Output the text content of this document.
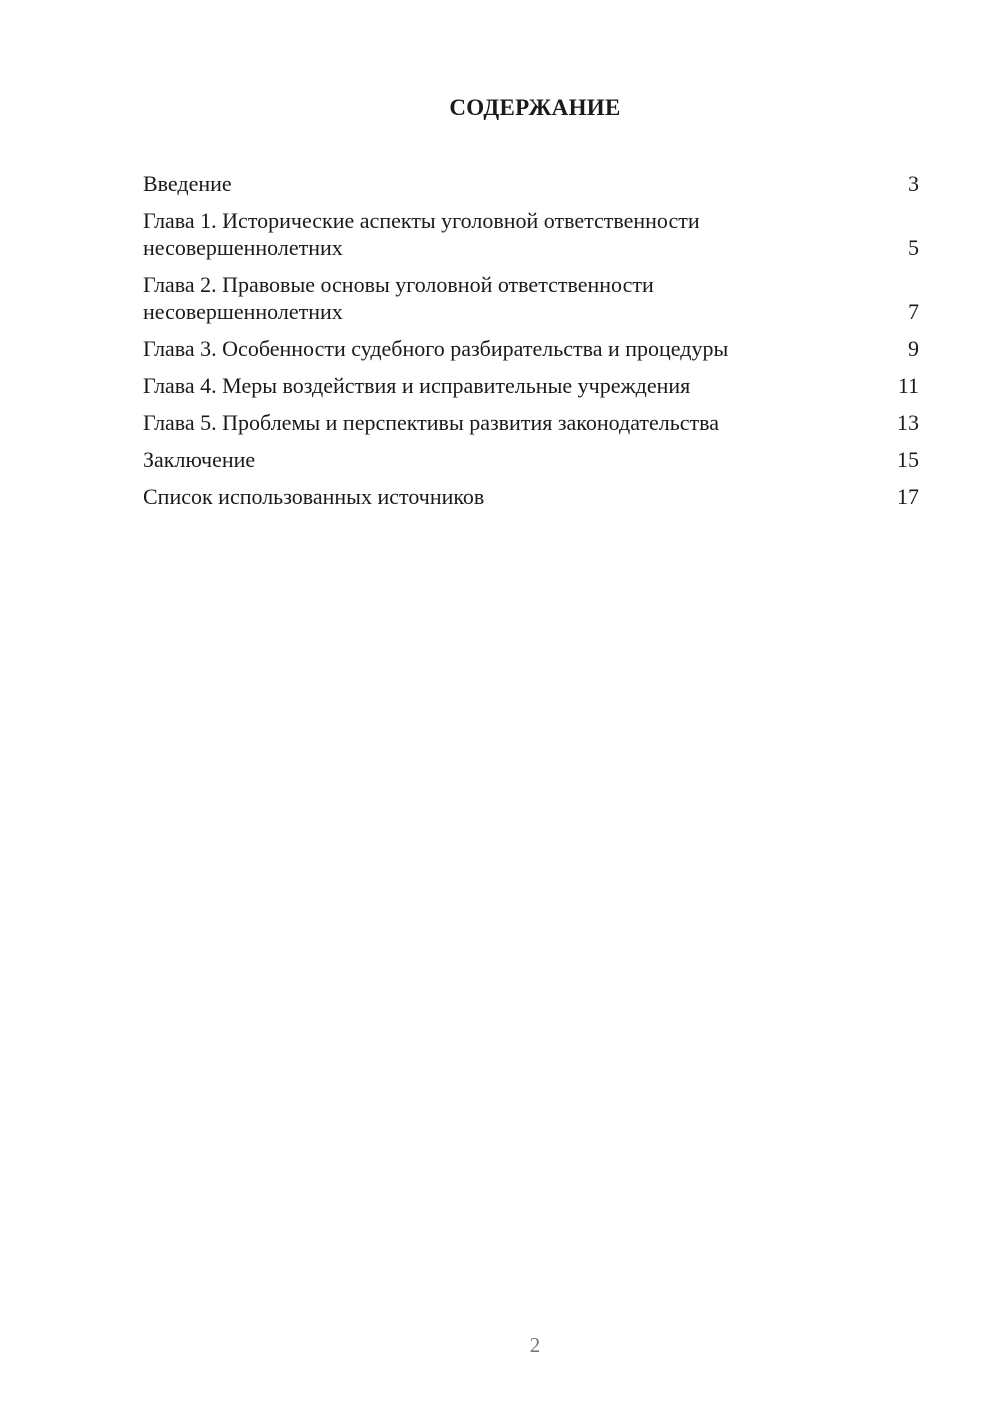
СОДЕРЖАНИЕ
Введение	3
Глава 1. Исторические аспекты уголовной ответственности
несовершеннолетних	5
Глава 2. Правовые основы уголовной ответственности
несовершеннолетних	7
Глава 3. Особенности судебного разбирательства и процедуры	9
Глава 4. Меры воздействия и исправительные учреждения	11
Глава 5. Проблемы и перспективы развития законодательства	13
Заключение	15
Список использованных источников	17
2
